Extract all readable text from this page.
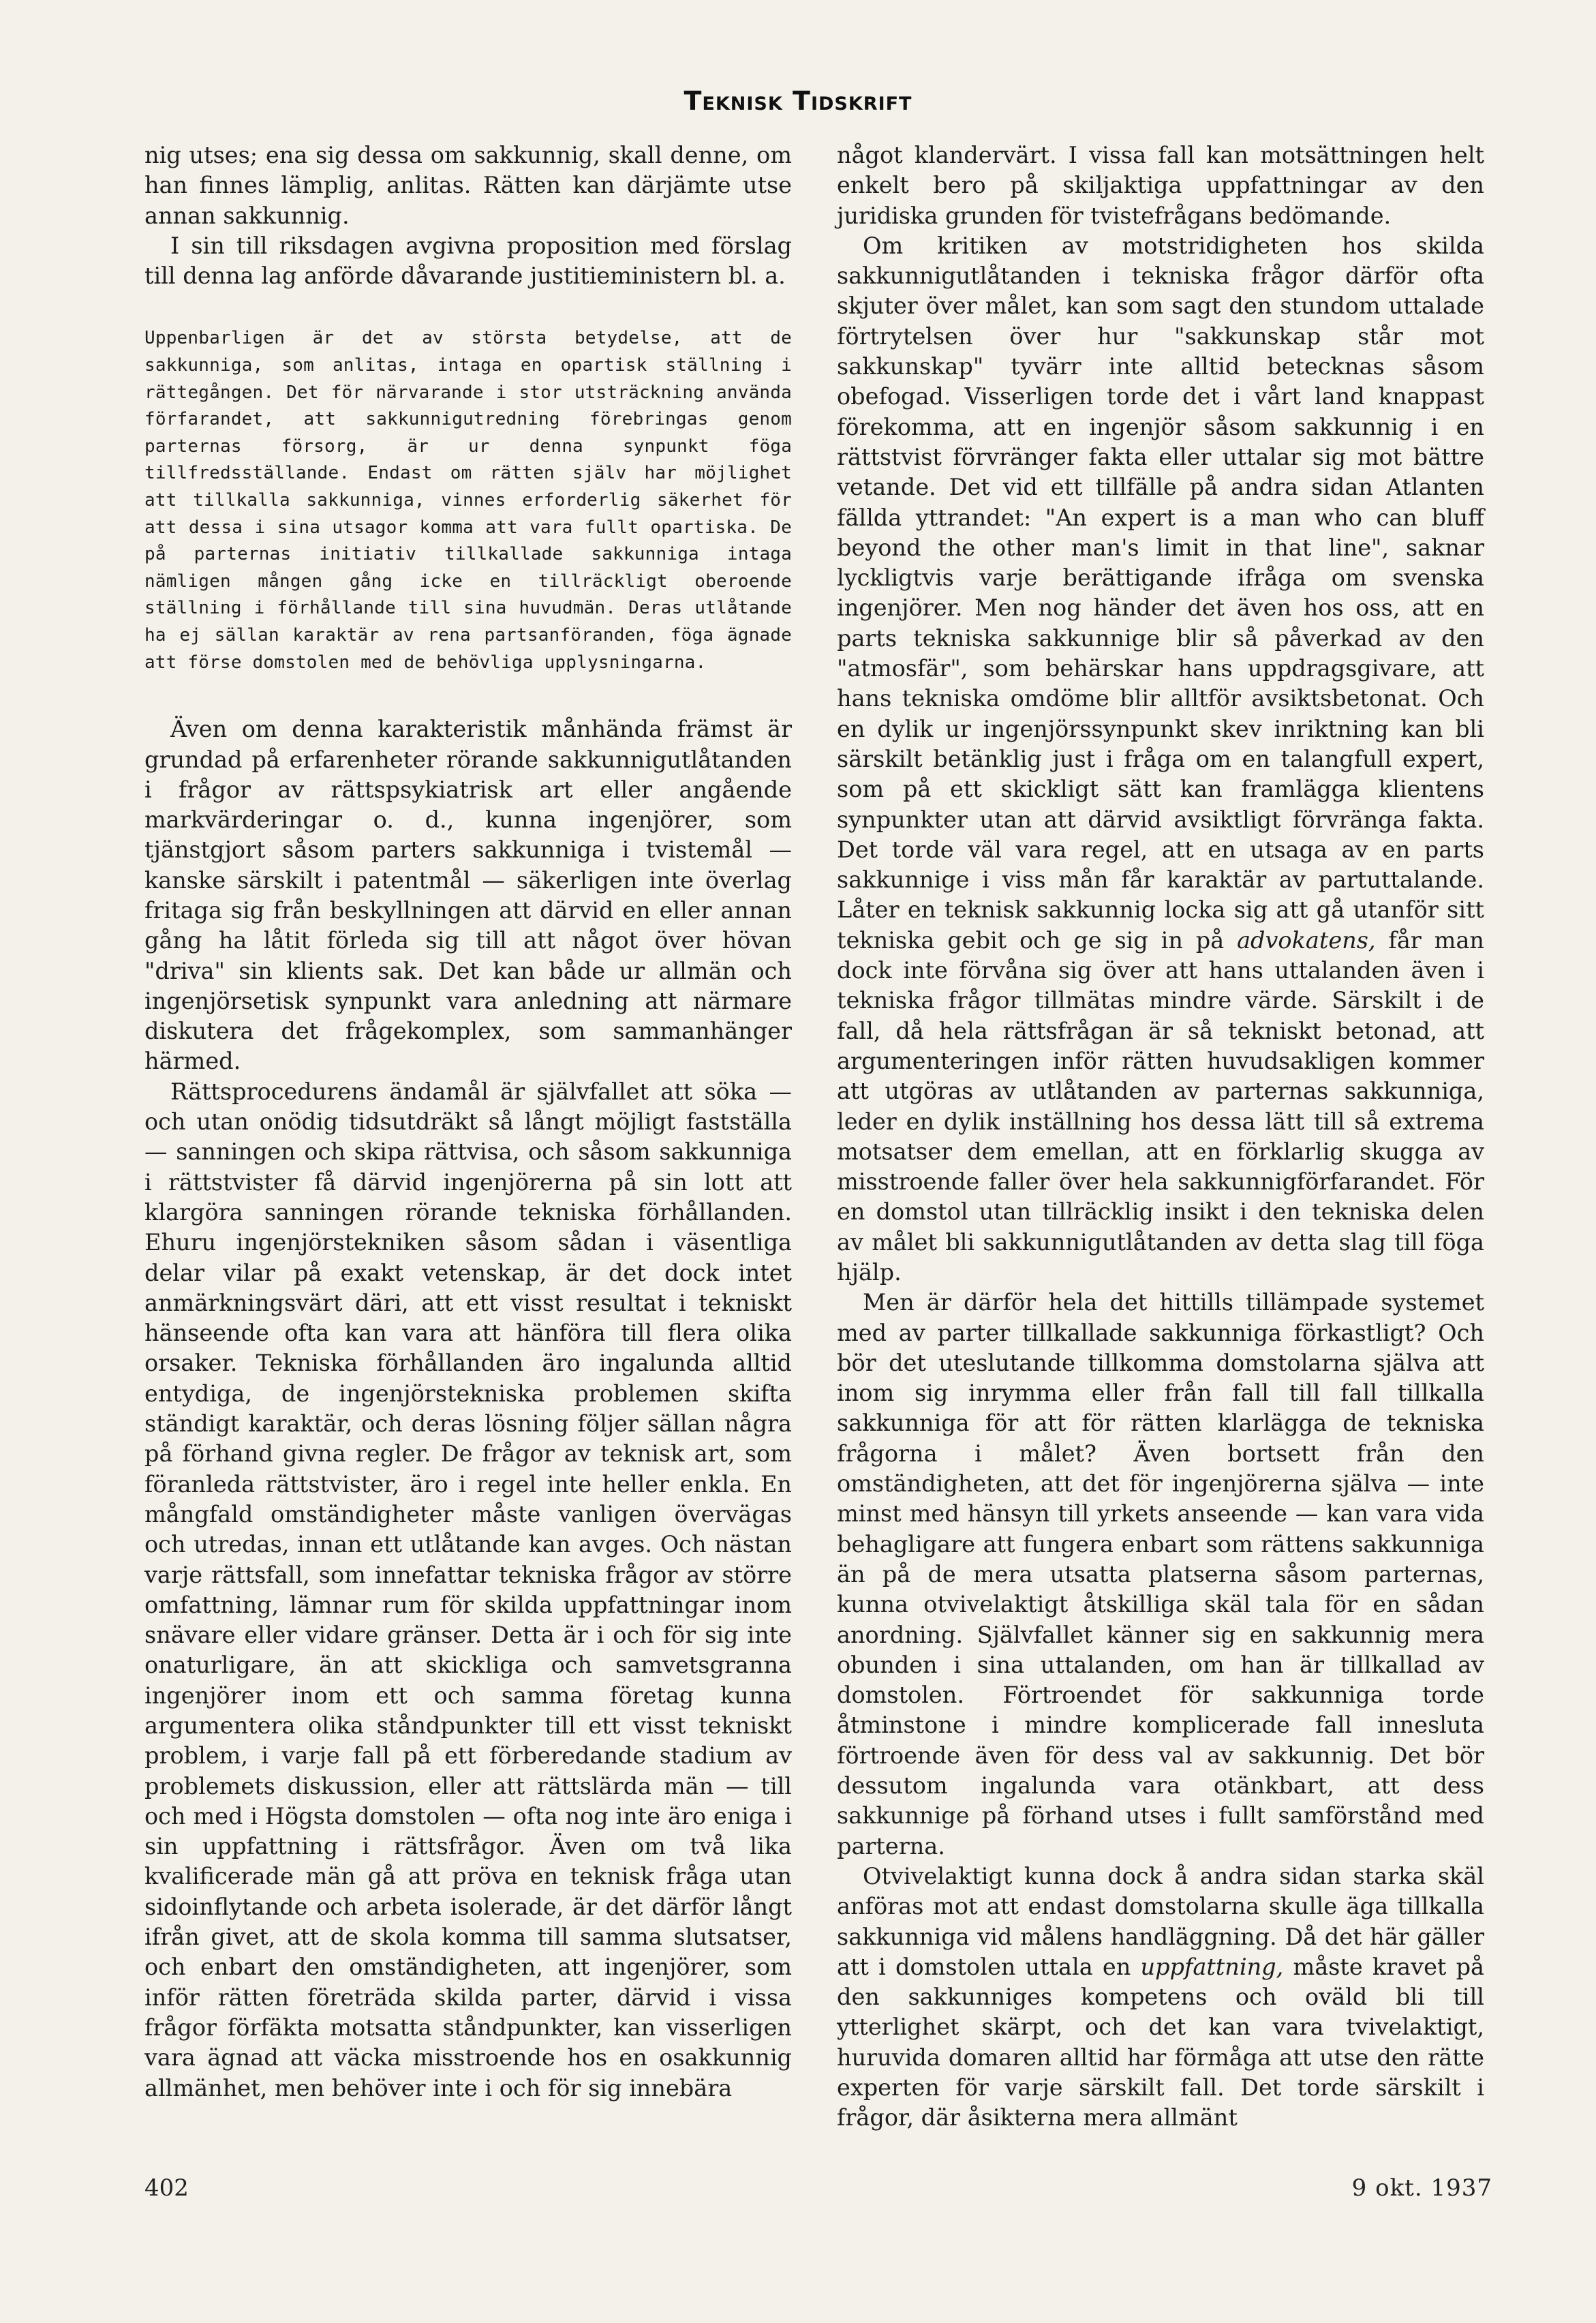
Teknisk Tidskrift

nig utses; ena sig dessa om sakkunnig, skall denne, om han finnes lämplig, anlitas. Rätten kan därjämte utse annan sakkunnig.

I sin till riksdagen avgivna proposition med förslag till denna lag anförde dåvarande justitieministern bl. a.

Uppenbarligen är det av största betydelse, att de sakkunniga, som anlitas, intaga en opartisk ställning i rättegången. Det för närvarande i stor utsträckning använda förfarandet, att sakkunnigutredning förebringas genom parternas försorg, är ur denna synpunkt föga tillfredsställande. Endast om rätten själv har möjlighet att tillkalla sakkunniga, vinnes erforderlig säkerhet för att dessa i sina utsagor komma att vara fullt opartiska. De på parternas initiativ tillkallade sakkunniga intaga nämligen mången gång icke en tillräckligt oberoende ställning i förhållande till sina huvudmän. Deras utlåtande ha ej sällan karaktär av rena partsanföranden, föga ägnade att förse domstolen med de behövliga upplysningarna.

Även om denna karakteristik månhända främst är grundad på erfarenheter rörande sakkunnigutlåtanden i frågor av rättspsykiatrisk art eller angående markvärderingar o. d., kunna ingenjörer, som tjänstgjort såsom parters sakkunniga i tvistemål — kanske särskilt i patentmål — säkerligen inte överlag fritaga sig från beskyllningen att därvid en eller annan gång ha låtit förleda sig till att något över hövan "driva" sin klients sak. Det kan både ur allmän och ingenjörsetisk synpunkt vara anledning att närmare diskutera det frågekomplex, som sammanhänger härmed.

Rättsprocedurens ändamål är självfallet att söka — och utan onödig tidsutdräkt så långt möjligt fastställa — sanningen och skipa rättvisa, och såsom sakkunniga i rättstvister få därvid ingenjörerna på sin lott att klargöra sanningen rörande tekniska förhållanden. Ehuru ingenjörstekniken såsom sådan i väsentliga delar vilar på exakt vetenskap, är det dock intet anmärkningsvärt däri, att ett visst resultat i tekniskt hänseende ofta kan vara att hänföra till flera olika orsaker. Tekniska förhållanden äro ingalunda alltid entydiga, de ingenjörstekniska problemen skifta ständigt karaktär, och deras lösning följer sällan några på förhand givna regler. De frågor av teknisk art, som föranleda rättstvister, äro i regel inte heller enkla. En mångfald omständigheter måste vanligen övervägas och utredas, innan ett utlåtande kan avges. Och nästan varje rättsfall, som innefattar tekniska frågor av större omfattning, lämnar rum för skilda uppfattningar inom snävare eller vidare gränser. Detta är i och för sig inte onaturligare, än att skickliga och samvetsgranna ingenjörer inom ett och samma företag kunna argumentera olika ståndpunkter till ett visst tekniskt problem, i varje fall på ett förberedande stadium av problemets diskussion, eller att rättslärda män — till och med i Högsta domstolen — ofta nog inte äro eniga i sin uppfattning i rättsfrågor. Även om två lika kvalificerade män gå att pröva en teknisk fråga utan sidoinflytande och arbeta isolerade, är det därför långt ifrån givet, att de skola komma till samma slutsatser, och enbart den omständigheten, att ingenjörer, som inför rätten företräda skilda parter, därvid i vissa frågor förfäkta motsatta ståndpunkter, kan visserligen vara ägnad att väcka misstroende hos en osakkunnig allmänhet, men behöver inte i och för sig innebära

något klandervärt. I vissa fall kan motsättningen helt enkelt bero på skiljaktiga uppfattningar av den juridiska grunden för tvistefrågans bedömande.

Om kritiken av motstridigheten hos skilda sakkunnigutlåtanden i tekniska frågor därför ofta skjuter över målet, kan som sagt den stundom uttalade förtrytelsen över hur "sakkunskap står mot sakkunskap" tyvärr inte alltid betecknas såsom obefogad. Visserligen torde det i vårt land knappast förekomma, att en ingenjör såsom sakkunnig i en rättstvist förvränger fakta eller uttalar sig mot bättre vetande. Det vid ett tillfälle på andra sidan Atlanten fällda yttrandet: "An expert is a man who can bluff beyond the other man's limit in that line", saknar lyckligtvis varje berättigande ifråga om svenska ingenjörer. Men nog händer det även hos oss, att en parts tekniska sakkunnige blir så påverkad av den "atmosfär", som behärskar hans uppdragsgivare, att hans tekniska omdöme blir alltför avsiktsbetonat. Och en dylik ur ingenjörssynpunkt skev inriktning kan bli särskilt betänklig just i fråga om en talangfull expert, som på ett skickligt sätt kan framlägga klientens synpunkter utan att därvid avsiktligt förvränga fakta. Det torde väl vara regel, att en utsaga av en parts sakkunnige i viss mån får karaktär av partuttalande. Låter en teknisk sakkunnig locka sig att gå utanför sitt tekniska gebit och ge sig in på advokatens, får man dock inte förvåna sig över att hans uttalanden även i tekniska frågor tillmätas mindre värde. Särskilt i de fall, då hela rättsfrågan är så tekniskt betonad, att argumenteringen inför rätten huvudsakligen kommer att utgöras av utlåtanden av parternas sakkunniga, leder en dylik inställning hos dessa lätt till så extrema motsatser dem emellan, att en förklarlig skugga av misstroende faller över hela sakkunnigförfarandet. För en domstol utan tillräcklig insikt i den tekniska delen av målet bli sakkunnigutlåtanden av detta slag till föga hjälp.

Men är därför hela det hittills tillämpade systemet med av parter tillkallade sakkunniga förkastligt? Och bör det uteslutande tillkomma domstolarna själva att inom sig inrymma eller från fall till fall tillkalla sakkunniga för att för rätten klarlägga de tekniska frågorna i målet? Även bortsett från den omständigheten, att det för ingenjörerna själva — inte minst med hänsyn till yrkets anseende — kan vara vida behagligare att fungera enbart som rättens sakkunniga än på de mera utsatta platserna såsom parternas, kunna otvivelaktigt åtskilliga skäl tala för en sådan anordning. Självfallet känner sig en sakkunnig mera obunden i sina uttalanden, om han är tillkallad av domstolen. Förtroendet för sakkunniga torde åtminstone i mindre komplicerade fall innesluta förtroende även för dess val av sakkunnig. Det bör dessutom ingalunda vara otänkbart, att dess sakkunnige på förhand utses i fullt samförstånd med parterna.

Otvivelaktigt kunna dock å andra sidan starka skäl anföras mot att endast domstolarna skulle äga tillkalla sakkunniga vid målens handläggning. Då det här gäller att i domstolen uttala en uppfattning, måste kravet på den sakkunniges kompetens och oväld bli till ytterlighet skärpt, och det kan vara tvivelaktigt, huruvida domaren alltid har förmåga att utse den rätte experten för varje särskilt fall. Det torde särskilt i frågor, där åsikterna mera allmänt

402	9 okt. 1937
